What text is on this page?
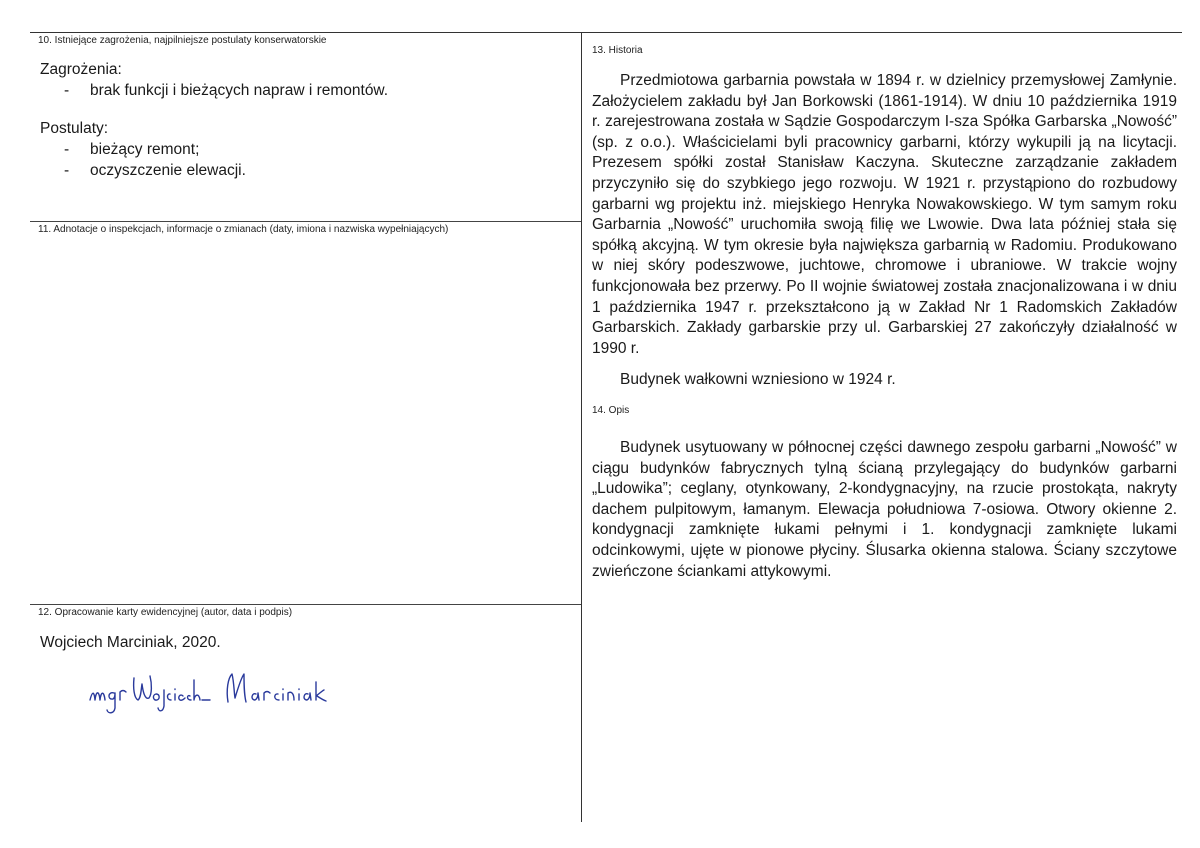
10. Istniejące zagrożenia, najpilniejsze postulaty konserwatorskie
Zagrożenia:
- brak funkcji i bieżących napraw i remontów.
Postulaty:
- bieżący remont;
- oczyszczenie elewacji.
11. Adnotacje o inspekcjach, informacje o zmianach (daty, imiona i nazwiska wypełniających)
12. Opracowanie karty ewidencyjnej (autor, data i podpis)
Wojciech Marciniak, 2020.
13. Historia

Przedmiotowa garbarnia powstała w 1894 r. w dzielnicy przemysłowej Zamłynie. Założycielem zakładu był Jan Borkowski (1861-1914). W dniu 10 października 1919 r. zarejestrowana została w Sądzie Gospodarczym I-sza Spółka Garbarska „Nowość” (sp. z o.o.). Właścicielami byli pracownicy garbarni, którzy wykupili ją na licytacji. Prezesem spółki został Stanisław Kaczyna. Skuteczne zarządzanie zakładem przyczyniło się do szybkiego jego rozwoju. W 1921 r. przystąpiono do rozbudowy garbarni wg projektu inż. miejskiego Henryka Nowakowskiego. W tym samym roku Garbarnia „Nowość” uruchomiła swoją filię we Lwowie. Dwa lata później stała się spółką akcyjną. W tym okresie była największa garbarnią w Radomiu. Produkowano w niej skóry podeszwowe, juchtowe, chromowe i ubraniowe. W trakcie wojny funkcjonowała bez przerwy. Po II wojnie światowej została znacjonalizowana i w dniu 1 października 1947 r. przekształcono ją w Zakład Nr 1 Radomskich Zakładów Garbarskich. Zakłady garbarskie przy ul. Garbarskiej 27 zakończyły działalność w 1990 r.

Budynek wałkowni wzniesiono w 1924 r.

14. Opis

Budynek usytuowany w północnej części dawnego zespołu garbarni „Nowość” w ciągu budynków fabrycznych tylną ścianą przylegający do budynków garbarni „Ludowika”; ceglany, otynkowany, 2-kondygnacyjny, na rzucie prostokąta, nakryty dachem pulpitowym, łamanym. Elewacja południowa 7-osiowa. Otwory okienne 2. kondygnacji zamknięte łukami pełnymi i 1. kondygnacji zamknięte lukami odcinkowymi, ujęte w pionowe płyciny. Ślusarka okienna stalowa. Ściany szczytowe zwieńczone ściankami attykowymi.
